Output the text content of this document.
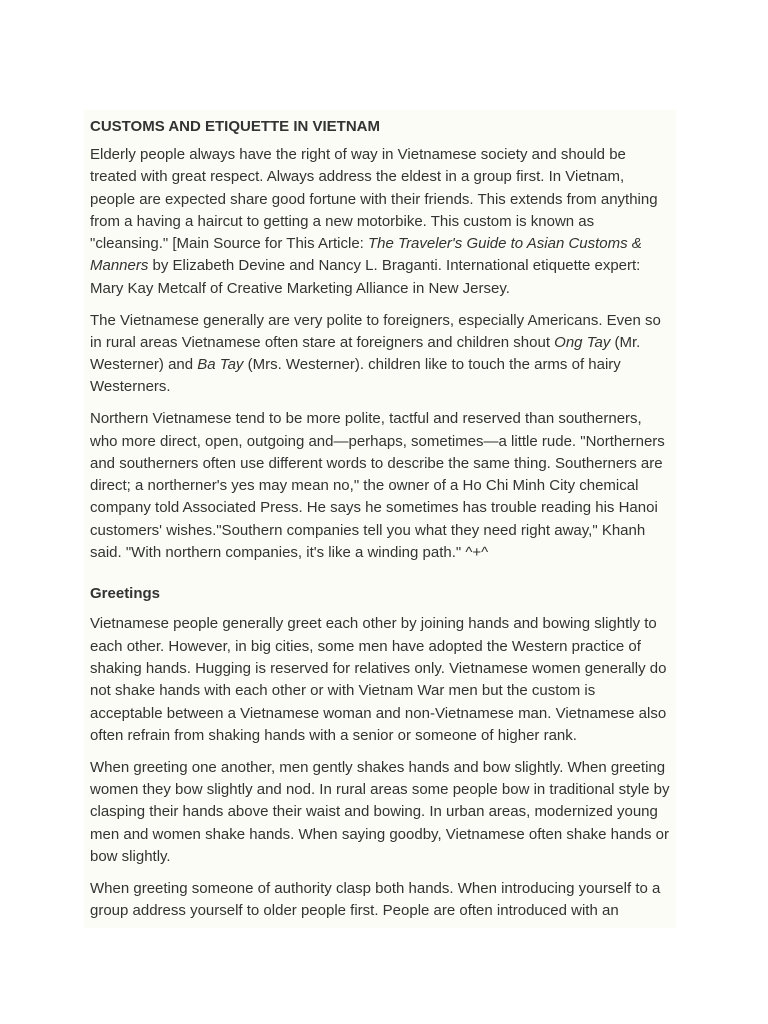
CUSTOMS AND ETIQUETTE IN VIETNAM

Elderly people always have the right of way in Vietnamese society and should be treated with great respect. Always address the eldest in a group first. In Vietnam, people are expected share good fortune with their friends. This extends from anything from a having a haircut to getting a new motorbike. This custom is known as "cleansing." [Main Source for This Article: The Traveler's Guide to Asian Customs & Manners by Elizabeth Devine and Nancy L. Braganti. International etiquette expert: Mary Kay Metcalf of Creative Marketing Alliance in New Jersey.

The Vietnamese generally are very polite to foreigners, especially Americans. Even so in rural areas Vietnamese often stare at foreigners and children shout Ong Tay (Mr. Westerner) and Ba Tay (Mrs. Westerner). children like to touch the arms of hairy Westerners.

Northern Vietnamese tend to be more polite, tactful and reserved than southerners, who more direct, open, outgoing and—perhaps, sometimes—a little rude. "Northerners and southerners often use different words to describe the same thing. Southerners are direct; a northerner's yes may mean no," the owner of a Ho Chi Minh City chemical company told Associated Press. He says he sometimes has trouble reading his Hanoi customers' wishes."Southern companies tell you what they need right away," Khanh said. "With northern companies, it's like a winding path." ^+^

Greetings

Vietnamese people generally greet each other by joining hands and bowing slightly to each other. However, in big cities, some men have adopted the Western practice of shaking hands. Hugging is reserved for relatives only. Vietnamese women generally do not shake hands with each other or with Vietnam War men but the custom is acceptable between a Vietnamese woman and non-Vietnamese man. Vietnamese also often refrain from shaking hands with a senior or someone of higher rank.

When greeting one another, men gently shakes hands and bow slightly. When greeting women they bow slightly and nod. In rural areas some people bow in traditional style by clasping their hands above their waist and bowing. In urban areas, modernized young men and women shake hands. When saying goodby, Vietnamese often shake hands or bow slightly.

When greeting someone of authority clasp both hands. When introducing yourself to a group address yourself to older people first. People are often introduced with an
